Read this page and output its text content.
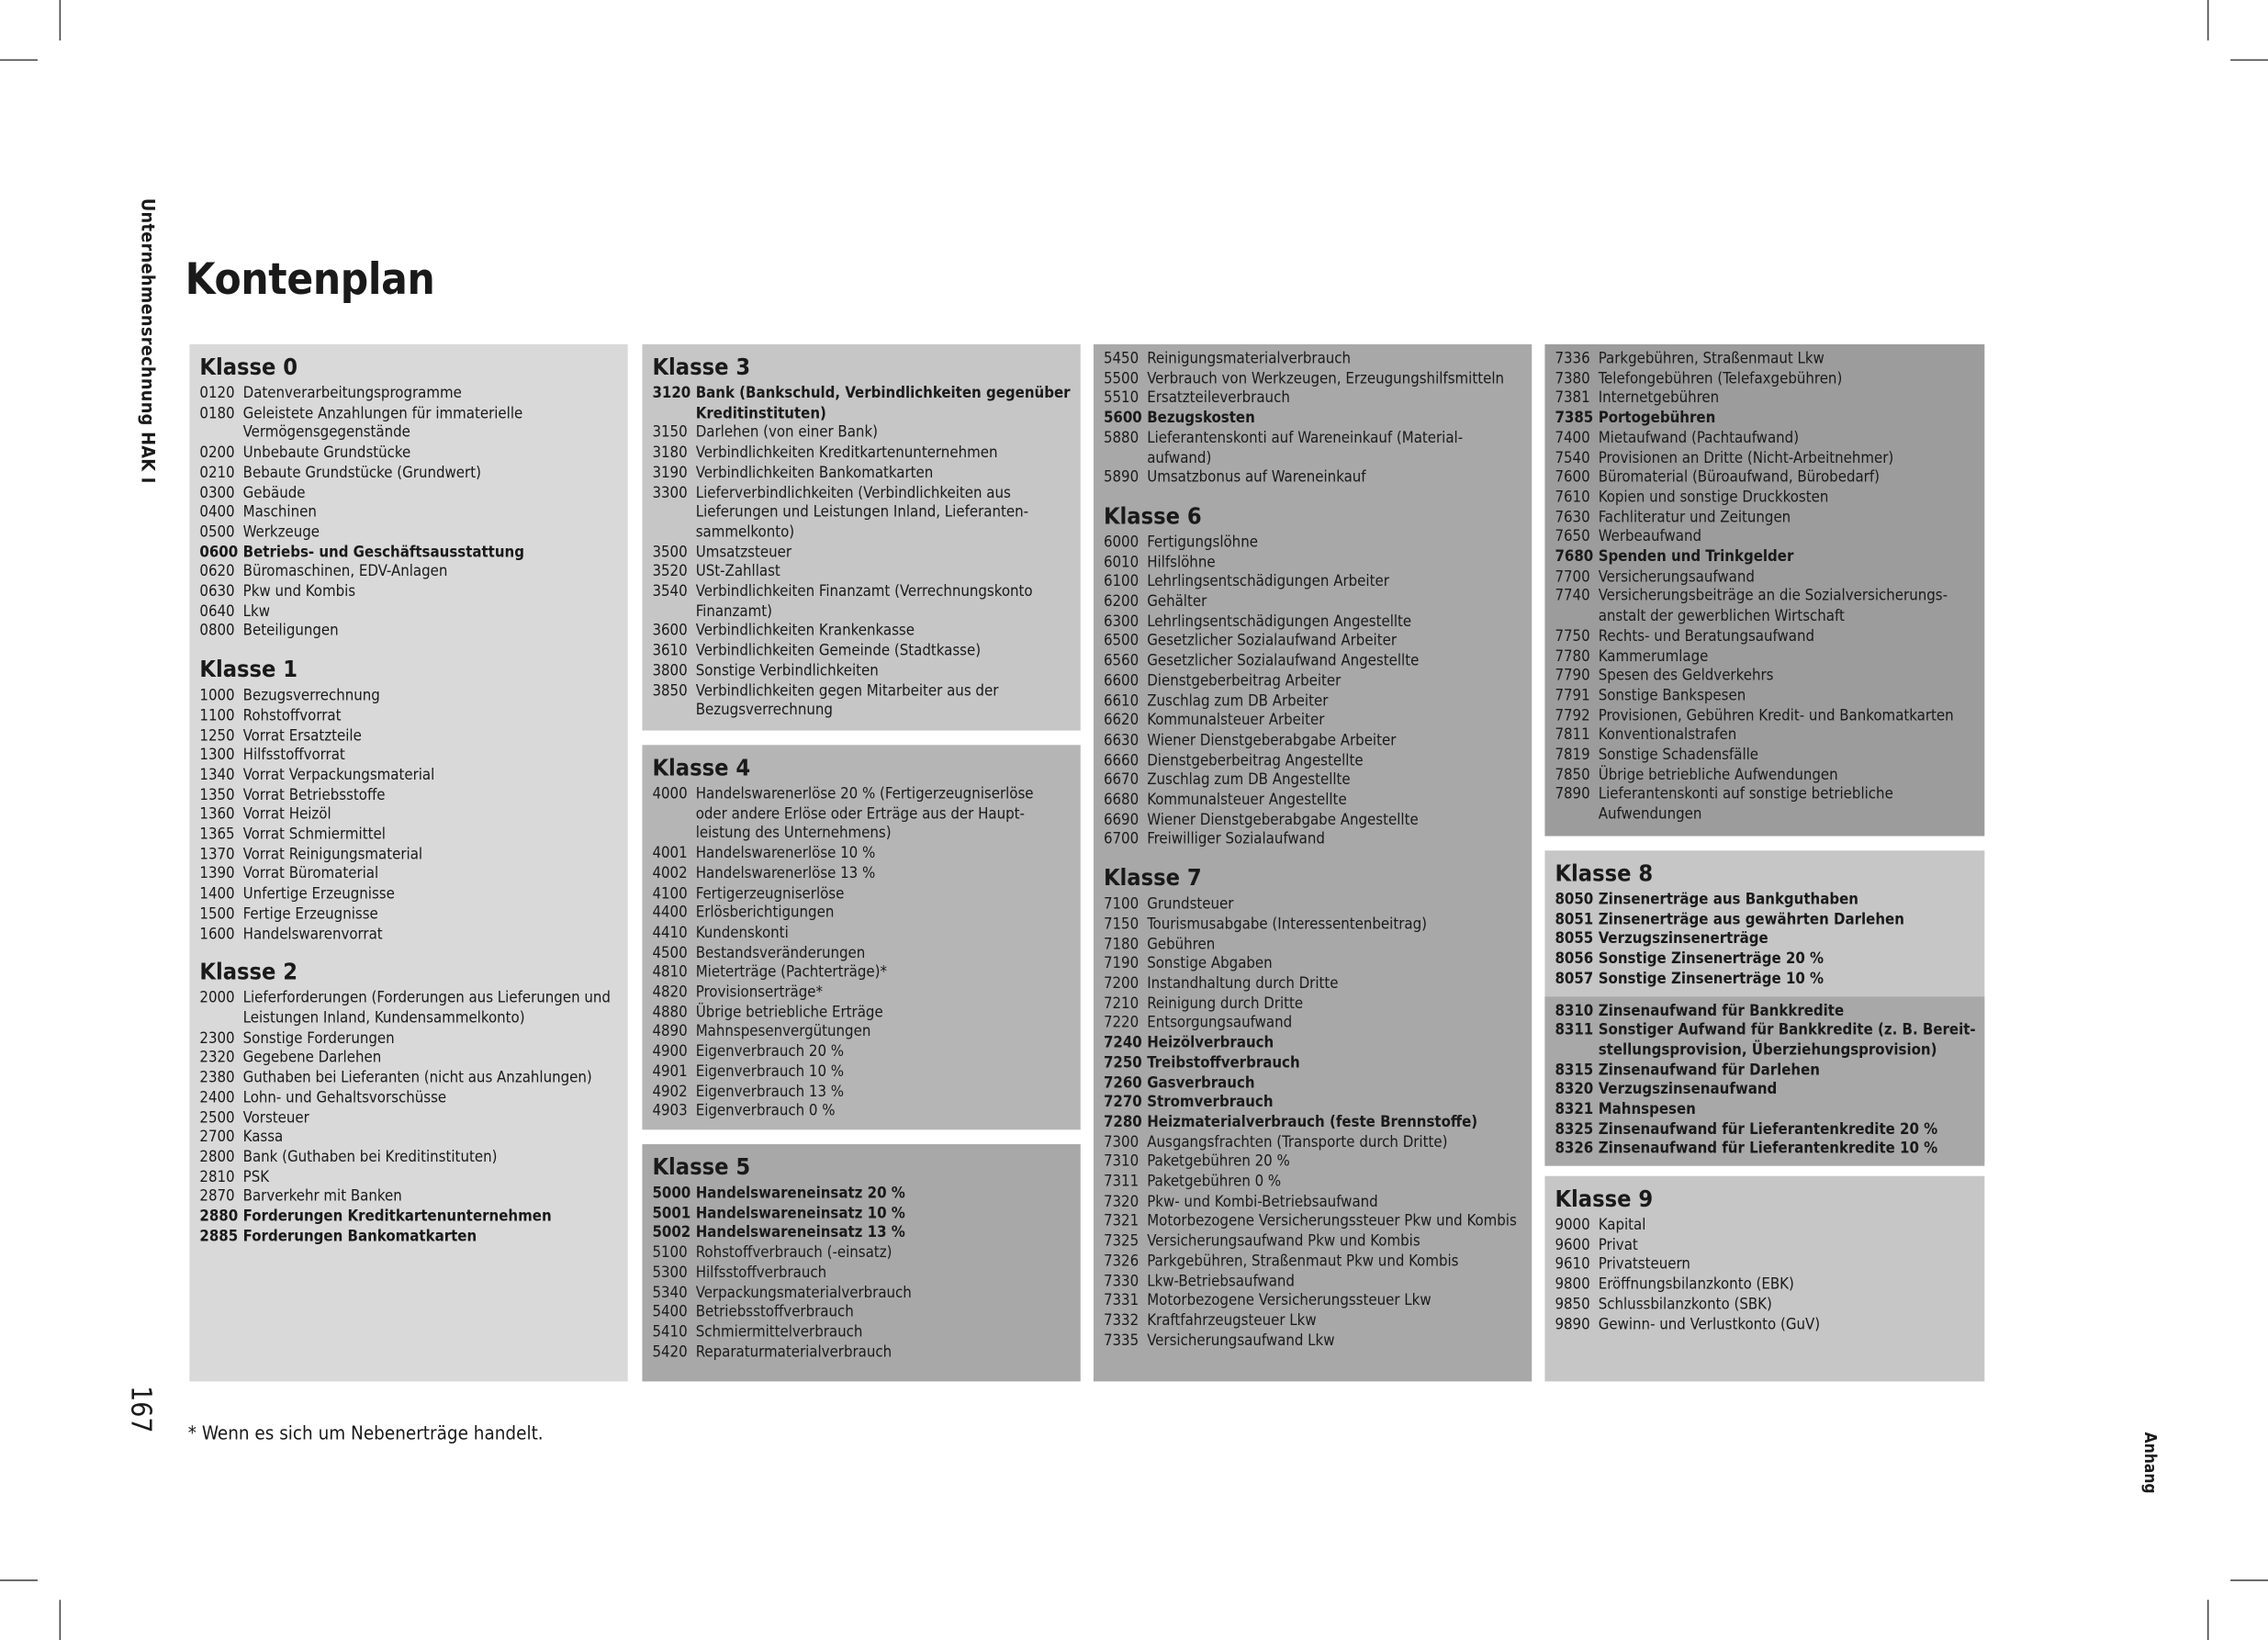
Unternehmensrechnung HAK I
167
Anhang
Kontenplan
Klasse 0
0120 Datenverarbeitungsprogramme
0180 Geleistete Anzahlungen für immaterielle
Vermögensgegenstände
0200 Unbebaute Grundstücke
0210 Bebaute Grundstücke (Grundwert)
0300 Gebäude
0400 Maschinen
0500 Werkzeuge
0600 Betriebs- und Geschäftsausstattung
0620 Büromaschinen, EDV-Anlagen
0630 Pkw und Kombis
0640 Lkw
0800 Beteiligungen
Klasse 1
1000 Bezugsverrechnung
1100 Rohstoffvorrat
1250 Vorrat Ersatzteile
1300 Hilfsstoffvorrat
1340 Vorrat Verpackungsmaterial
1350 Vorrat Betriebsstoffe
1360 Vorrat Heizöl
1365 Vorrat Schmiermittel
1370 Vorrat Reinigungsmaterial
1390 Vorrat Büromaterial
1400 Unfertige Erzeugnisse
1500 Fertige Erzeugnisse
1600 Handelswarenvorrat
Klasse 2
2000 Lieferforderungen (Forderungen aus Lieferungen und
Leistungen Inland, Kundensammelkonto)
2300 Sonstige Forderungen
2320 Gegebene Darlehen
2380 Guthaben bei Lieferanten (nicht aus Anzahlungen)
2400 Lohn- und Gehaltsvorschüsse
2500 Vorsteuer
2700 Kassa
2800 Bank (Guthaben bei Kreditinstituten)
2810 PSK
2870 Barverkehr mit Banken
2880 Forderungen Kreditkartenunternehmen
2885 Forderungen Bankomatkarten
Klasse 3
3120 Bank (Bankschuld, Verbindlichkeiten gegenüber
Kreditinstituten)
3150 Darlehen (von einer Bank)
3180 Verbindlichkeiten Kreditkartenunternehmen
3190 Verbindlichkeiten Bankomatkarten
3300 Lieferverbindlichkeiten (Verbindlichkeiten aus
Lieferungen und Leistungen Inland, Lieferanten-
sammelkonto)
3500 Umsatzsteuer
3520 USt-Zahllast
3540 Verbindlichkeiten Finanzamt (Verrechnungskonto
Finanzamt)
3600 Verbindlichkeiten Krankenkasse
3610 Verbindlichkeiten Gemeinde (Stadtkasse)
3800 Sonstige Verbindlichkeiten
3850 Verbindlichkeiten gegen Mitarbeiter aus der
Bezugsverrechnung
Klasse 4
4000 Handelswarenerlöse 20 % (Fertigerzeugniserlöse
oder andere Erlöse oder Erträge aus der Haupt-
leistung des Unternehmens)
4001 Handelswarenerlöse 10 %
4002 Handelswarenerlöse 13 %
4100 Fertigerzeugniserlöse
4400 Erlösberichtigungen
4410 Kundenskonti
4500 Bestandsveränderungen
4810 Mieterträge (Pachterträge)*
4820 Provisionserträge*
4880 Übrige betriebliche Erträge
4890 Mahnspesenvergütungen
4900 Eigenverbrauch 20 %
4901 Eigenverbrauch 10 %
4902 Eigenverbrauch 13 %
4903 Eigenverbrauch 0 %
Klasse 5
5000 Handelswareneinsatz 20 %
5001 Handelswareneinsatz 10 %
5002 Handelswareneinsatz 13 %
5100 Rohstoffverbrauch (-einsatz)
5300 Hilfsstoffverbrauch
5340 Verpackungsmaterialverbrauch
5400 Betriebsstoffverbrauch
5410 Schmiermittelverbrauch
5420 Reparaturmaterialverbrauch
5450 Reinigungsmaterialverbrauch
5500 Verbrauch von Werkzeugen, Erzeugungshilfsmitteln
5510 Ersatzteileverbrauch
5600 Bezugskosten
5880 Lieferantenskonti auf Wareneinkauf (Material-
aufwand)
5890 Umsatzbonus auf Wareneinkauf
Klasse 6
6000 Fertigungslöhne
6010 Hilfslöhne
6100 Lehrlingsentschädigungen Arbeiter
6200 Gehälter
6300 Lehrlingsentschädigungen Angestellte
6500 Gesetzlicher Sozialaufwand Arbeiter
6560 Gesetzlicher Sozialaufwand Angestellte
6600 Dienstgeberbeitrag Arbeiter
6610 Zuschlag zum DB Arbeiter
6620 Kommunalsteuer Arbeiter
6630 Wiener Dienstgeberabgabe Arbeiter
6660 Dienstgeberbeitrag Angestellte
6670 Zuschlag zum DB Angestellte
6680 Kommunalsteuer Angestellte
6690 Wiener Dienstgeberabgabe Angestellte
6700 Freiwilliger Sozialaufwand
Klasse 7
7100 Grundsteuer
7150 Tourismusabgabe (Interessentenbeitrag)
7180 Gebühren
7190 Sonstige Abgaben
7200 Instandhaltung durch Dritte
7210 Reinigung durch Dritte
7220 Entsorgungsaufwand
7240 Heizölverbrauch
7250 Treibstoffverbrauch
7260 Gasverbrauch
7270 Stromverbrauch
7280 Heizmaterialverbrauch (feste Brennstoffe)
7300 Ausgangsfrachten (Transporte durch Dritte)
7310 Paketgebühren 20 %
7311 Paketgebühren 0 %
7320 Pkw- und Kombi-Betriebsaufwand
7321 Motorbezogene Versicherungssteuer Pkw und Kombis
7325 Versicherungsaufwand Pkw und Kombis
7326 Parkgebühren, Straßenmaut Pkw und Kombis
7330 Lkw-Betriebsaufwand
7331 Motorbezogene Versicherungssteuer Lkw
7332 Kraftfahrzeugsteuer Lkw
7335 Versicherungsaufwand Lkw
7336 Parkgebühren, Straßenmaut Lkw
7380 Telefongebühren (Telefaxgebühren)
7381 Internetgebühren
7385 Portogebühren
7400 Mietaufwand (Pachtaufwand)
7540 Provisionen an Dritte (Nicht-Arbeitnehmer)
7600 Büromaterial (Büroaufwand, Bürobedarf)
7610 Kopien und sonstige Druckkosten
7630 Fachliteratur und Zeitungen
7650 Werbeaufwand
7680 Spenden und Trinkgelder
7700 Versicherungsaufwand
7740 Versicherungsbeiträge an die Sozialversicherungs-
anstalt der gewerblichen Wirtschaft
7750 Rechts- und Beratungsaufwand
7780 Kammerumlage
7790 Spesen des Geldverkehrs
7791 Sonstige Bankspesen
7792 Provisionen, Gebühren Kredit- und Bankomatkarten
7811 Konventionalstrafen
7819 Sonstige Schadensfälle
7850 Übrige betriebliche Aufwendungen
7890 Lieferantenskonti auf sonstige betriebliche
Aufwendungen
Klasse 8
8050 Zinsenerträge aus Bankguthaben
8051 Zinsenerträge aus gewährten Darlehen
8055 Verzugszinsenerträge
8056 Sonstige Zinsenerträge 20 %
8057 Sonstige Zinsenerträge 10 %
8310 Zinsenaufwand für Bankkredite
8311 Sonstiger Aufwand für Bankkredite (z. B. Bereit-
stellungsprovision, Überziehungsprovision)
8315 Zinsenaufwand für Darlehen
8320 Verzugszinsenaufwand
8321 Mahnspesen
8325 Zinsenaufwand für Lieferantenkredite 20 %
8326 Zinsenaufwand für Lieferantenkredite 10 %
Klasse 9
9000 Kapital
9600 Privat
9610 Privatsteuern
9800 Eröffnungsbilanzkonto (EBK)
9850 Schlussbilanzkonto (SBK)
9890 Gewinn- und Verlustkonto (GuV)
* Wenn es sich um Nebenerträge handelt.
